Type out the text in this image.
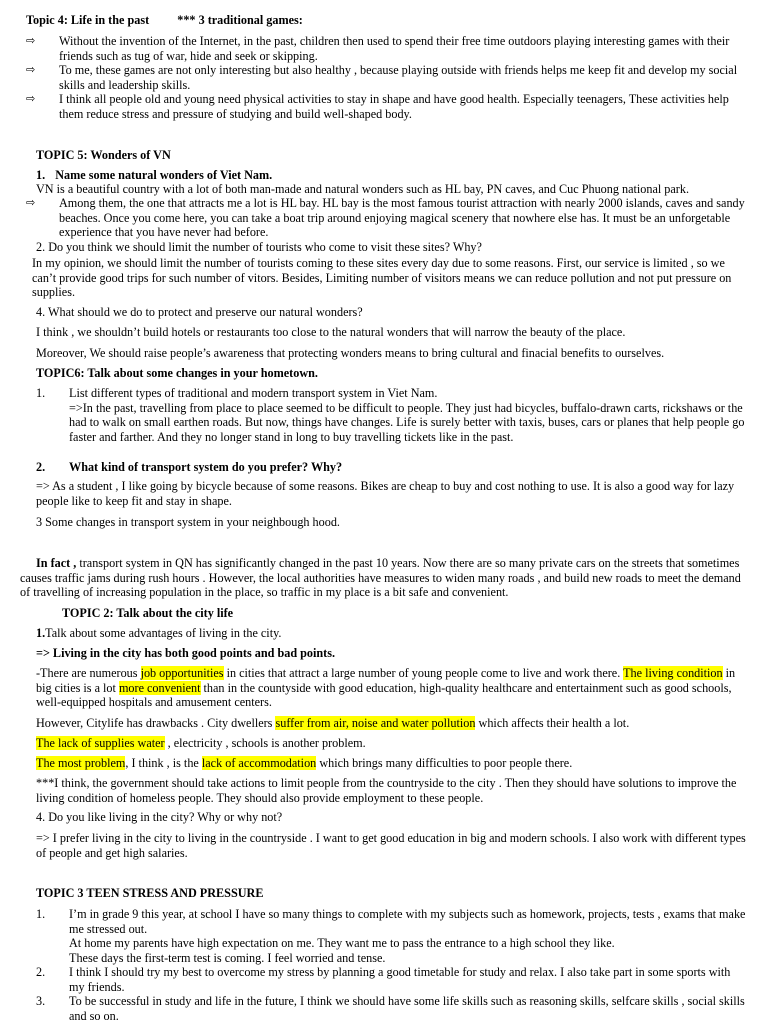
Topic 4: Life in the past *** 3 traditional games:
⇨ Without the invention of the Internet, in the past, children then used to spend their free time outdoors playing interesting games with their friends such as tug of war, hide and seek or skipping.
⇨ To me, these games are not only interesting but also healthy , because playing outside with friends helps me keep fit and develop my social skills and leadership skills.
⇨ I think all people old and young need physical activities to stay in shape and have good health. Especially teenagers, These activities help them reduce stress and pressure of studying and build well-shaped body.
TOPIC 5: Wonders of VN
1. Name some natural wonders of Viet Nam.
VN is a beautiful country with a lot of both man-made and natural wonders such as HL bay, PN caves, and Cuc Phuong national park.
⇨ Among them, the one that attracts me a lot is HL bay. HL bay is the most famous tourist attraction with nearly 2000 islands, caves and sandy beaches. Once you come here, you can take a boat trip around enjoying magical scenery that nowhere else has. It must be an unforgetable experience that you have never had before.
2. Do you think we should limit the number of tourists who come to visit these sites? Why?
In my opinion, we should limit the number of tourists coming to these sites every day due to some reasons. First, our service is limited , so we can’t provide good trips for such number of vitors. Besides, Limiting number of visitors means we can reduce pollution and not put pressure on supplies.
4. What should we do to protect and preserve our natural wonders?
I think , we shouldn’t build hotels or restaurants too close to the natural wonders that will narrow the beauty of the place.
Moreover, We should raise people’s awareness that protecting wonders means to bring cultural and finacial benefits to ourselves.
TOPIC6: Talk about some changes in your hometown.
1. List different types of traditional and modern transport system in Viet Nam.
=>In the past, travelling from place to place seemed to be difficult to people. They just had bicycles, buffalo-drawn carts, rickshaws or the had to walk on small earthen roads. But now, things have changes. Life is surely better with taxis, buses, cars or planes that help people go faster and farther. And they no longer stand in long to buy travelling tickets like in the past.
2. What kind of transport system do you prefer? Why?
=> As a student , I like going by bicycle because of some reasons. Bikes are cheap to buy and cost nothing to use. It is also a good way for lazy people like to keep fit and stay in shape.
3 Some changes in transport system in your neighbough hood.
In fact , transport system in QN has significantly changed in the past 10 years. Now there are so many private cars on the streets that sometimes causes traffic jams during rush hours . However, the local authorities have measures to widen many roads , and build new roads to meet the demand of travelling of increasing population in the place, so traffic in my place is a bit safe and convenient.
TOPIC 2: Talk about the city life
1.Talk about some advantages of living in the city.
=> Living in the city has both good points and bad points.
-There are numerous job opportunities in cities that attract a large number of young people come to live and work there. The living condition in big cities is a lot more convenient than in the countyside with good education, high-quality healthcare and entertainment such as good schools, well-equipped hospitals and amusement centers.
However, Citylife has drawbacks . City dwellers suffer from air, noise and water pollution which affects their health a lot.
The lack of supplies water , electricity , schools is another problem.
The most problem, I think , is the lack of accommodation which brings many difficulties to poor people there.
***I think, the government should take actions to limit people from the countryside to the city . Then they should have solutions to improve the living condition of homeless people. They should also provide employment to these people.
4. Do you like living in the city? Why or why not?
=> I prefer living in the city to living in the countryside . I want to get good education in big and modern schools. I also work with different types of people and get high salaries.
TOPIC 3 TEEN STRESS AND PRESSURE
1. I’m in grade 9 this year, at school I have so many things to complete with my subjects such as homework, projects, tests , exams that make me stressed out.
At home my parents have high expectation on me. They want me to pass the entrance to a high school they like.
These days the first-term test is coming. I feel worried and tense.
2. I think I should try my best to overcome my stress by planning a good timetable for study and relax. I also take part in some sports with my friends.
3. To be successful in study and life in the future, I think we should have some life skills such as reasoning skills, selfcare skills , social skills and so on.
